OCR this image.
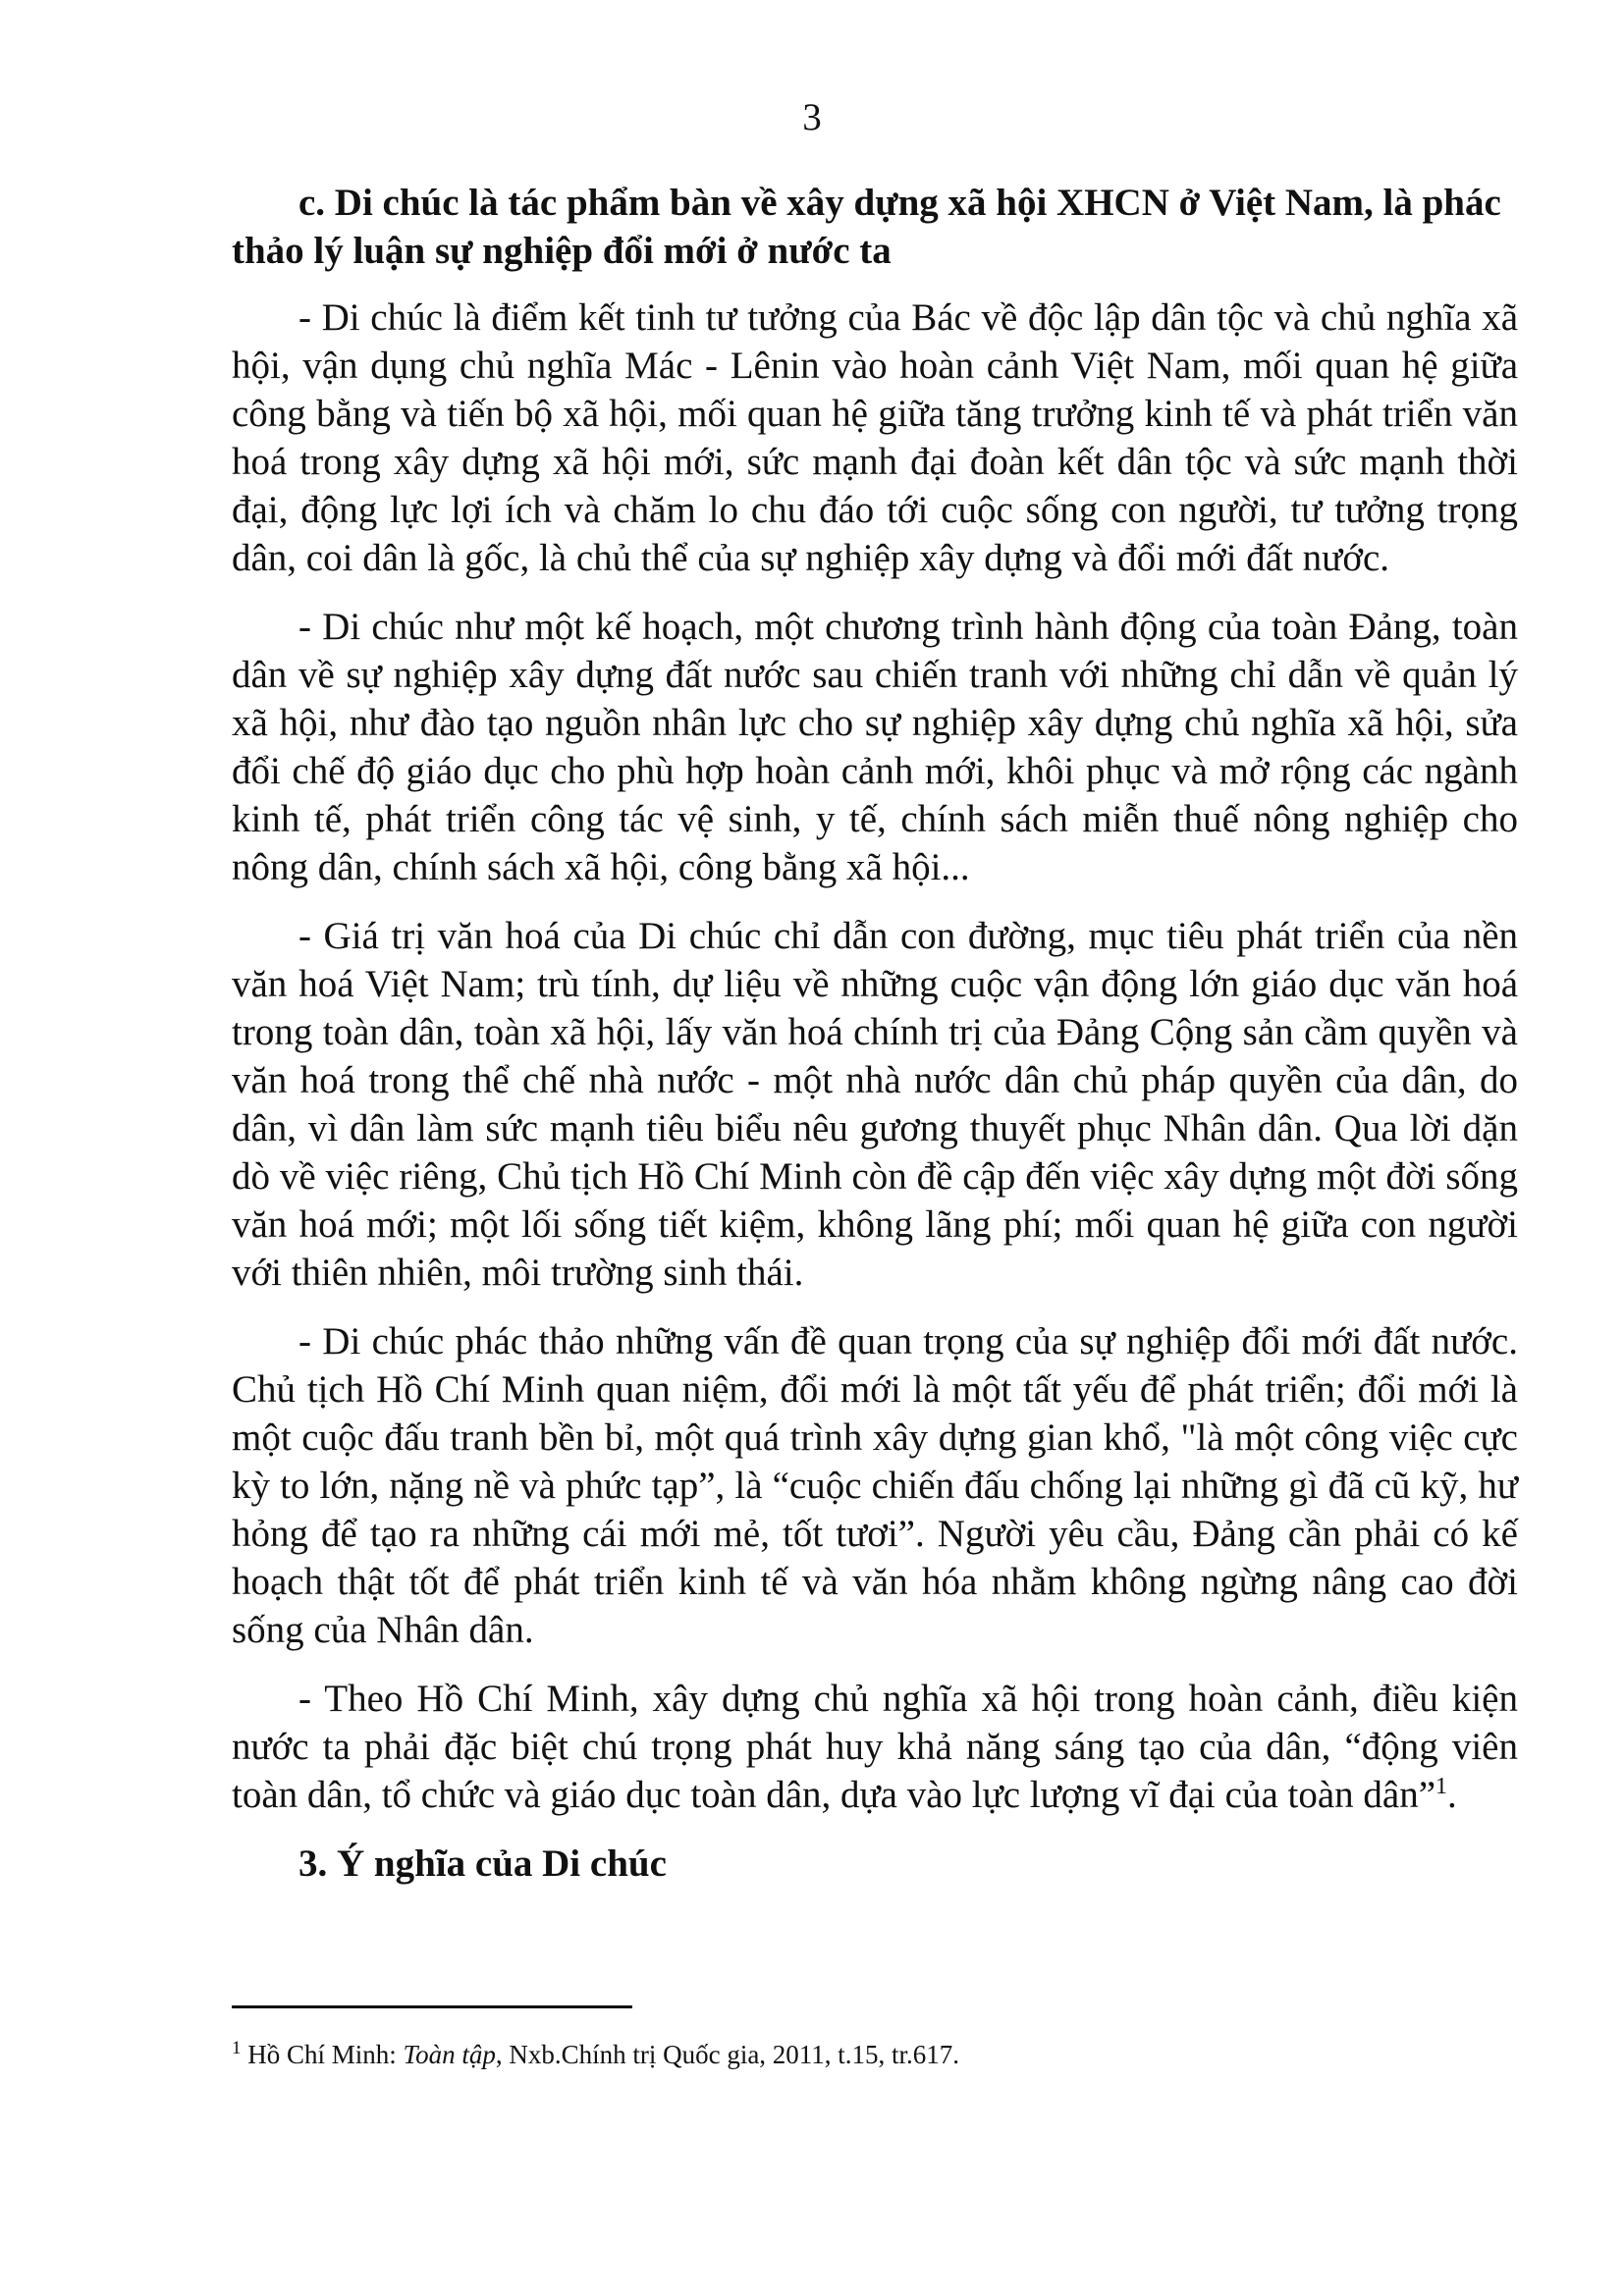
3

c. Di chúc là tác phẩm bàn về xây dựng xã hội XHCN ở Việt Nam, là phác
thảo lý luận sự nghiệp đổi mới ở nước ta

- Di chúc là điểm kết tinh tư tưởng của Bác về độc lập dân tộc và chủ nghĩa xã hội, vận dụng chủ nghĩa Mác - Lênin vào hoàn cảnh Việt Nam, mối quan hệ giữa công bằng và tiến bộ xã hội, mối quan hệ giữa tăng trưởng kinh tế và phát triển văn hoá trong xây dựng xã hội mới, sức mạnh đại đoàn kết dân tộc và sức mạnh thời đại, động lực lợi ích và chăm lo chu đáo tới cuộc sống con người, tư tưởng trọng dân, coi dân là gốc, là chủ thể của sự nghiệp xây dựng và đổi mới đất nước.

- Di chúc như một kế hoạch, một chương trình hành động của toàn Đảng, toàn dân về sự nghiệp xây dựng đất nước sau chiến tranh với những chỉ dẫn về quản lý xã hội, như đào tạo nguồn nhân lực cho sự nghiệp xây dựng chủ nghĩa xã hội, sửa đổi chế độ giáo dục cho phù hợp hoàn cảnh mới, khôi phục và mở rộng các ngành kinh tế, phát triển công tác vệ sinh, y tế, chính sách miễn thuế nông nghiệp cho nông dân, chính sách xã hội, công bằng xã hội...

- Giá trị văn hoá của Di chúc chỉ dẫn con đường, mục tiêu phát triển của nền văn hoá Việt Nam; trù tính, dự liệu về những cuộc vận động lớn giáo dục văn hoá trong toàn dân, toàn xã hội, lấy văn hoá chính trị của Đảng Cộng sản cầm quyền và văn hoá trong thể chế nhà nước - một nhà nước dân chủ pháp quyền của dân, do dân, vì dân làm sức mạnh tiêu biểu nêu gương thuyết phục Nhân dân. Qua lời dặn dò về việc riêng, Chủ tịch Hồ Chí Minh còn đề cập đến việc xây dựng một đời sống văn hoá mới; một lối sống tiết kiệm, không lãng phí; mối quan hệ giữa con người với thiên nhiên, môi trường sinh thái.

- Di chúc phác thảo những vấn đề quan trọng của sự nghiệp đổi mới đất nước. Chủ tịch Hồ Chí Minh quan niệm, đổi mới là một tất yếu để phát triển; đổi mới là một cuộc đấu tranh bền bỉ, một quá trình xây dựng gian khổ, "là một công việc cực kỳ to lớn, nặng nề và phức tạp”, là “cuộc chiến đấu chống lại những gì đã cũ kỹ, hư hỏng để tạo ra những cái mới mẻ, tốt tươi”. Người yêu cầu, Đảng cần phải có kế hoạch thật tốt để phát triển kinh tế và văn hóa nhằm không ngừng nâng cao đời sống của Nhân dân.

- Theo Hồ Chí Minh, xây dựng chủ nghĩa xã hội trong hoàn cảnh, điều kiện nước ta phải đặc biệt chú trọng phát huy khả năng sáng tạo của dân, “động viên toàn dân, tổ chức và giáo dục toàn dân, dựa vào lực lượng vĩ đại của toàn dân”$^1$.

3. Ý nghĩa của Di chúc

$^1$ Hồ Chí Minh: Toàn tập, Nxb.Chính trị Quốc gia, 2011, t.15, tr.617.
